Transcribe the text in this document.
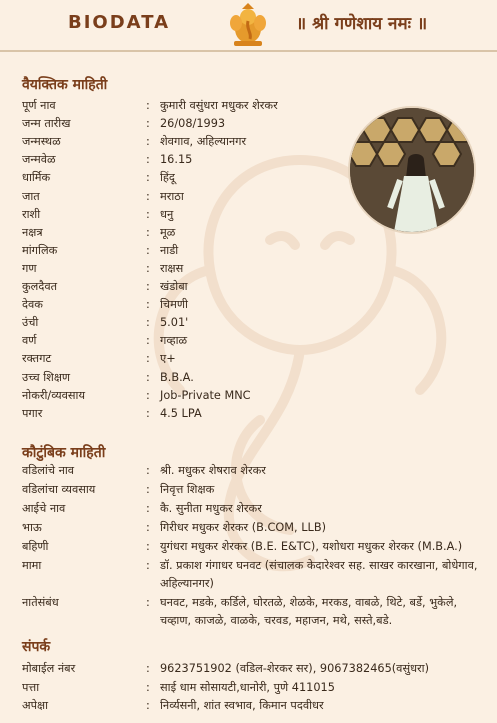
BIODATA	॥ श्री गणेशाय नमः ॥
वैयक्तिक माहिती
पूर्ण नाव	: कुमारी वसुंधरा मधुकर शेरकर
जन्म तारीख	: 26/08/1993
जन्मस्थळ	: शेवगाव, अहिल्यानगर
जन्मवेळ	: 16.15
धार्मिक	: हिंदू
जात	: मराठा
राशी	: धनु
नक्षत्र	: मूळ
मांगलिक	: नाडी
गण	: राक्षस
कुलदैवत	: खंडोबा
देवक	: चिमणी
उंची	: 5.01'
वर्ण	: गव्हाळ
रक्तगट	: ए+
उच्च शिक्षण	: B.B.A.
नोकरी/व्यवसाय	: Job-Private MNC
पगार	: 4.5 LPA
कौटुंबिक माहिती
वडिलांचे नाव	: श्री. मधुकर शेषराव शेरकर
वडिलांचा व्यवसाय	: निवृत्त शिक्षक
आईचे नाव	: कै. सुनीता मधुकर शेरकर
भाऊ	: गिरीधर मधुकर शेरकर (B.COM, LLB)
बहिणी	: युगंधरा मधुकर शेरकर (B.E. E&TC), यशोधरा मधुकर शेरकर (M.B.A.)
मामा	: डॉ. प्रकाश गंगाधर घनवट (संचालक केदारेश्वर सह. साखर कारखाना, बोधेगाव, अहिल्यानगर)
नातेसंबंध	: घनवट, मडके, कर्डिले, घोरतळे, शेळके, मरकड, वाबळे, थिटे, बर्डे, भुकेले, चव्हाण, काजळे, वाळके, चरवड, महाजन, मथे, सस्ते,बडे.
संपर्क
मोबाईल नंबर	: 9623751902 (वडिल-शेरकर सर), 9067382465(वसुंधरा)
पत्ता	: साई धाम सोसायटी,धानोरी, पुणे 411015
अपेक्षा	: निर्व्यसनी, शांत स्वभाव, किमान पदवीधर
